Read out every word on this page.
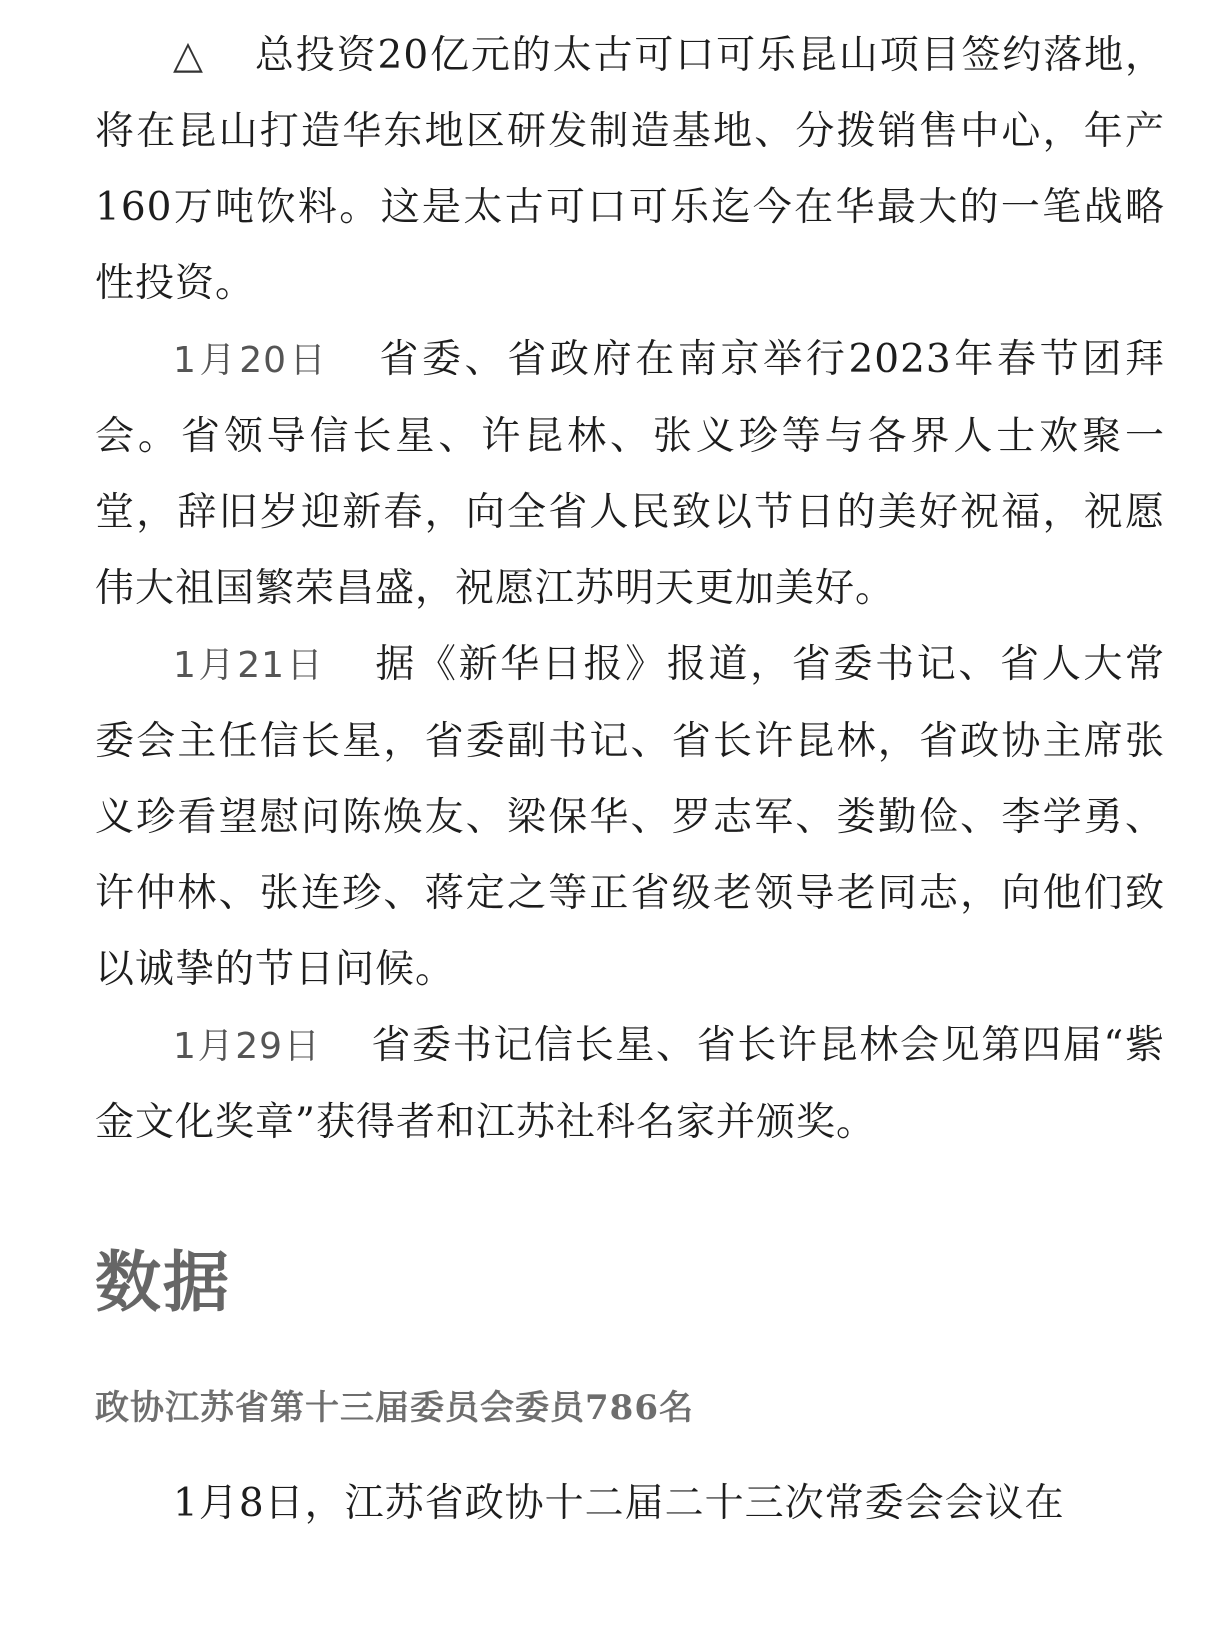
△ 总投资20亿元的太古可口可乐昆山项目签约落地，将在昆山打造华东地区研发制造基地、分拨销售中心，年产160万吨饮料。这是太古可口可乐迄今在华最大的一笔战略性投资。

1月20日 省委、省政府在南京举行2023年春节团拜会。省领导信长星、许昆林、张义珍等与各界人士欢聚一堂，辞旧岁迎新春，向全省人民致以节日的美好祝福，祝愿伟大祖国繁荣昌盛，祝愿江苏明天更加美好。

1月21日 据《新华日报》报道，省委书记、省人大常委会主任信长星，省委副书记、省长许昆林，省政协主席张义珍看望慰问陈焕友、梁保华、罗志军、娄勤俭、李学勇、许仲林、张连珍、蒋定之等正省级老领导老同志，向他们致以诚挚的节日问候。

1月29日 省委书记信长星、省长许昆林会见第四届“紫金文化奖章”获得者和江苏社科名家并颁奖。

数据
政协江苏省第十三届委员会委员786名

1月8日，江苏省政协十二届二十三次常委会会议在
